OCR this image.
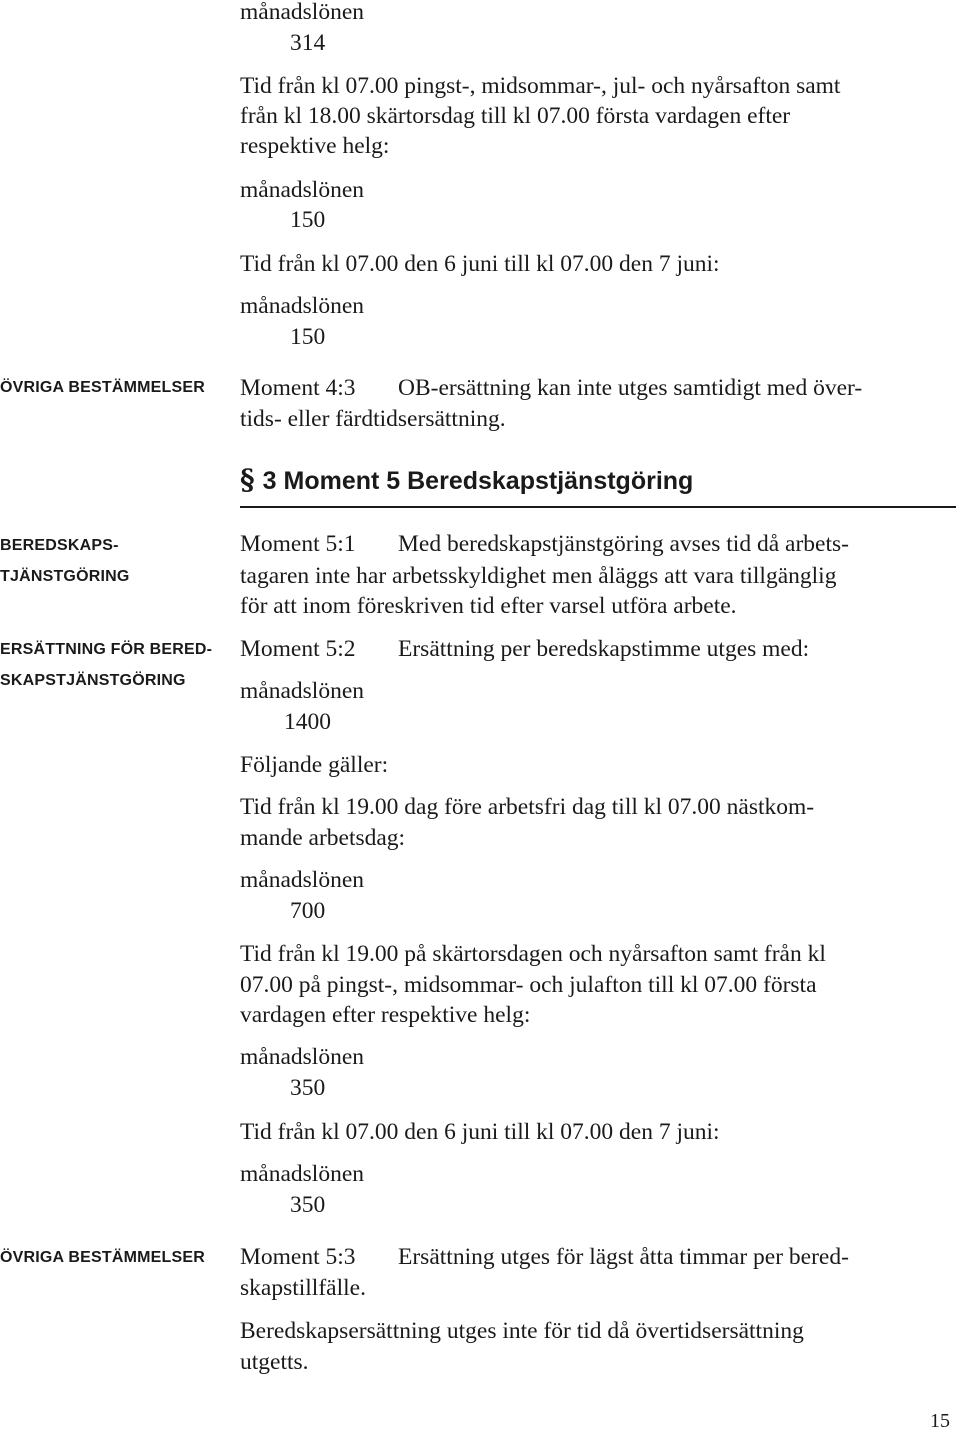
månadslönen
314
Tid från kl 07.00 pingst-, midsommar-, jul- och nyårsafton samt
från kl 18.00 skärtorsdag till kl 07.00 första vardagen efter
respektive helg:
månadslönen
150
Tid från kl 07.00 den 6 juni till kl 07.00 den 7 juni:
månadslönen
150
ÖVRIGA BESTÄMMELSER Moment 4:3 OB-ersättning kan inte utges samtidigt med över-
tids- eller färdtidsersättning.
§ 3 Moment 5 Beredskapstjänstgöring
BEREDSKAPS-
TJÄNSTGÖRING
ERSÄTTNING FÖR BERED-
SKAPSTJÄNSTGÖRING
Moment 5:1 Med beredskapstjänstgöring avses tid då arbets-
tagaren inte har arbetsskyldighet men åläggs att vara tillgänglig
för att inom föreskriven tid efter varsel utföra arbete.
Moment 5:2 Ersättning per beredskapstimme utges med:
månadslönen
1400
Följande gäller:
Tid från kl 19.00 dag före arbetsfri dag till kl 07.00 nästkom-
mande arbetsdag:
månadslönen
700
Tid från kl 19.00 på skärtorsdagen och nyårsafton samt från kl
07.00 på pingst-, midsommar- och julafton till kl 07.00 första
vardagen efter respektive helg:
månadslönen
350
Tid från kl 07.00 den 6 juni till kl 07.00 den 7 juni:
månadslönen
350
ÖVRIGA BESTÄMMELSER Moment 5:3 Ersättning utges för lägst åtta timmar per bered-
skapstillfälle.
Beredskapsersättning utges inte för tid då övertidsersättning
utgetts.
15
